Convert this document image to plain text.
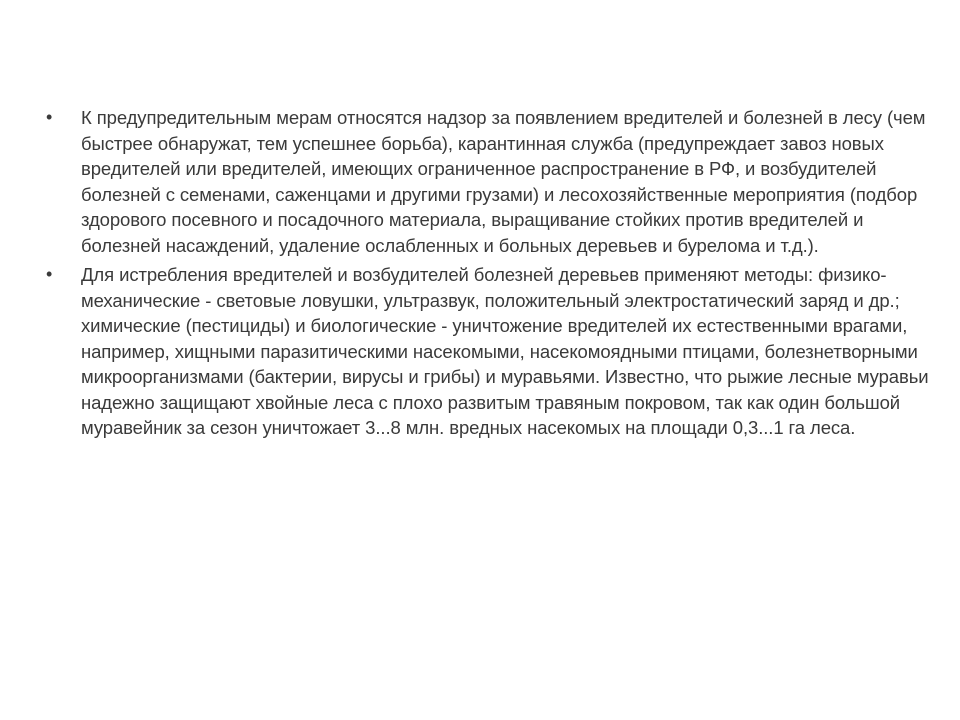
• К предупредительным мерам относятся надзор за появлением вредителей и болезней в лесу (чем быстрее обнаружат, тем успешнее борьба), карантинная служба (предупреждает завоз новых вредителей или вредителей, имеющих ограниченное распространение в РФ, и возбудителей болезней с семенами, саженцами и другими грузами) и лесохозяйственные мероприятия (подбор здорового посевного и посадочного материала, выращивание стойких против вредителей и болезней насаждений, удаление ослабленных и больных деревьев и бурелома и т.д.).
• Для истребления вредителей и возбудителей болезней деревьев применяют методы: физико-механические - световые ловушки, ультразвук, положительный электростатический заряд и др.; химические (пестициды) и биологические - уничтожение вредителей их естественными врагами, например, хищными паразитическими насекомыми, насекомоядными птицами, болезнетворными микроорганизмами (бактерии, вирусы и грибы) и муравьями. Известно, что рыжие лесные муравьи надежно защищают хвойные леса с плохо развитым травяным покровом, так как один большой муравейник за сезон уничтожает 3...8 млн. вредных насекомых на площади 0,3...1 га леса.
